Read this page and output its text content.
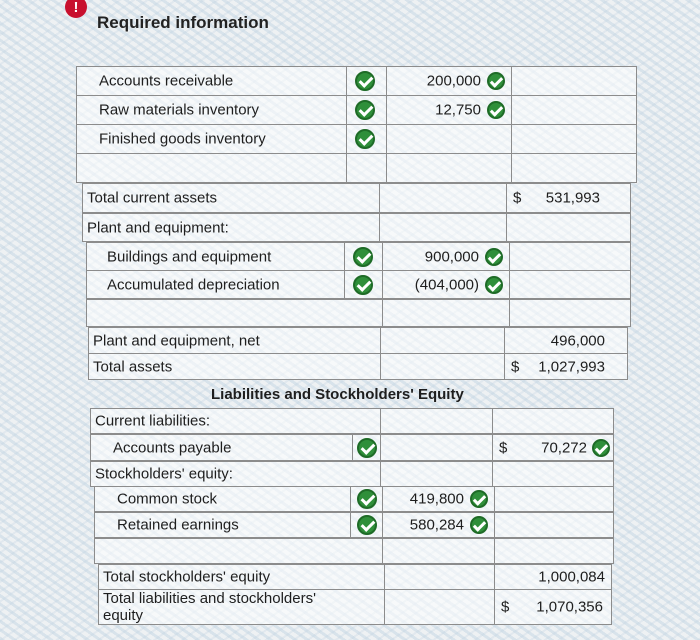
!
Required information
Accounts receivable	200,000
Raw materials inventory	12,750
Finished goods inventory
Total current assets	$ 531,993
Plant and equipment:
Buildings and equipment	900,000
Accumulated depreciation	(404,000)
Plant and equipment, net	496,000
Total assets	$ 1,027,993
Liabilities and Stockholders' Equity
Current liabilities:
Accounts payable	$ 70,272
Stockholders' equity:
Common stock	419,800
Retained earnings	580,284
Total stockholders' equity	1,000,084
Total liabilities and stockholders'
equity	$ 1,070,356
